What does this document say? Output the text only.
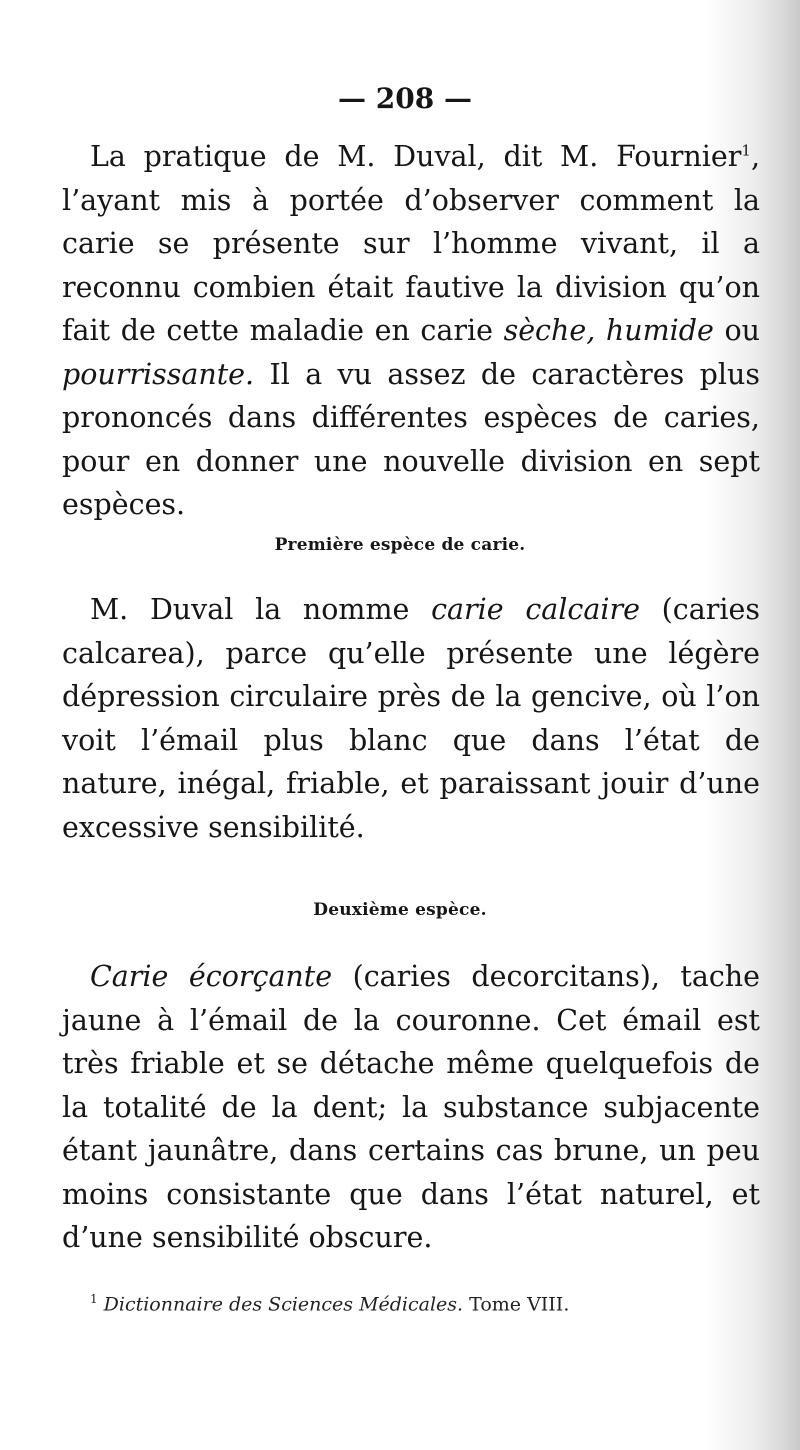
— 208 —

La pratique de M. Duval, dit M. Fournier$^1$, l’ayant mis à portée d’observer comment la carie se présente sur l’homme vivant, il a reconnu combien était fautive la division qu’on fait de cette maladie en carie sèche, humide ou pourrissante. Il a vu assez de caractères plus prononcés dans différentes espèces de caries, pour en donner une nouvelle division en sept espèces.

Première espèce de carie.

M. Duval la nomme carie calcaire (caries calcarea), parce qu’elle présente une légère dépression circulaire près de la gencive, où l’on voit l’émail plus blanc que dans l’état de nature, inégal, friable, et paraissant jouir d’une excessive sensibilité.

Deuxième espèce.

Carie écorçante (caries decorcitans), tache jaune à l’émail de la couronne. Cet émail est très friable et se détache même quelquefois de la totalité de la dent; la substance subjacente étant jaunâtre, dans certains cas brune, un peu moins consistante que dans l’état naturel, et d’une sensibilité obscure.

$^1$ Dictionnaire des Sciences Médicales. Tome VIII.
